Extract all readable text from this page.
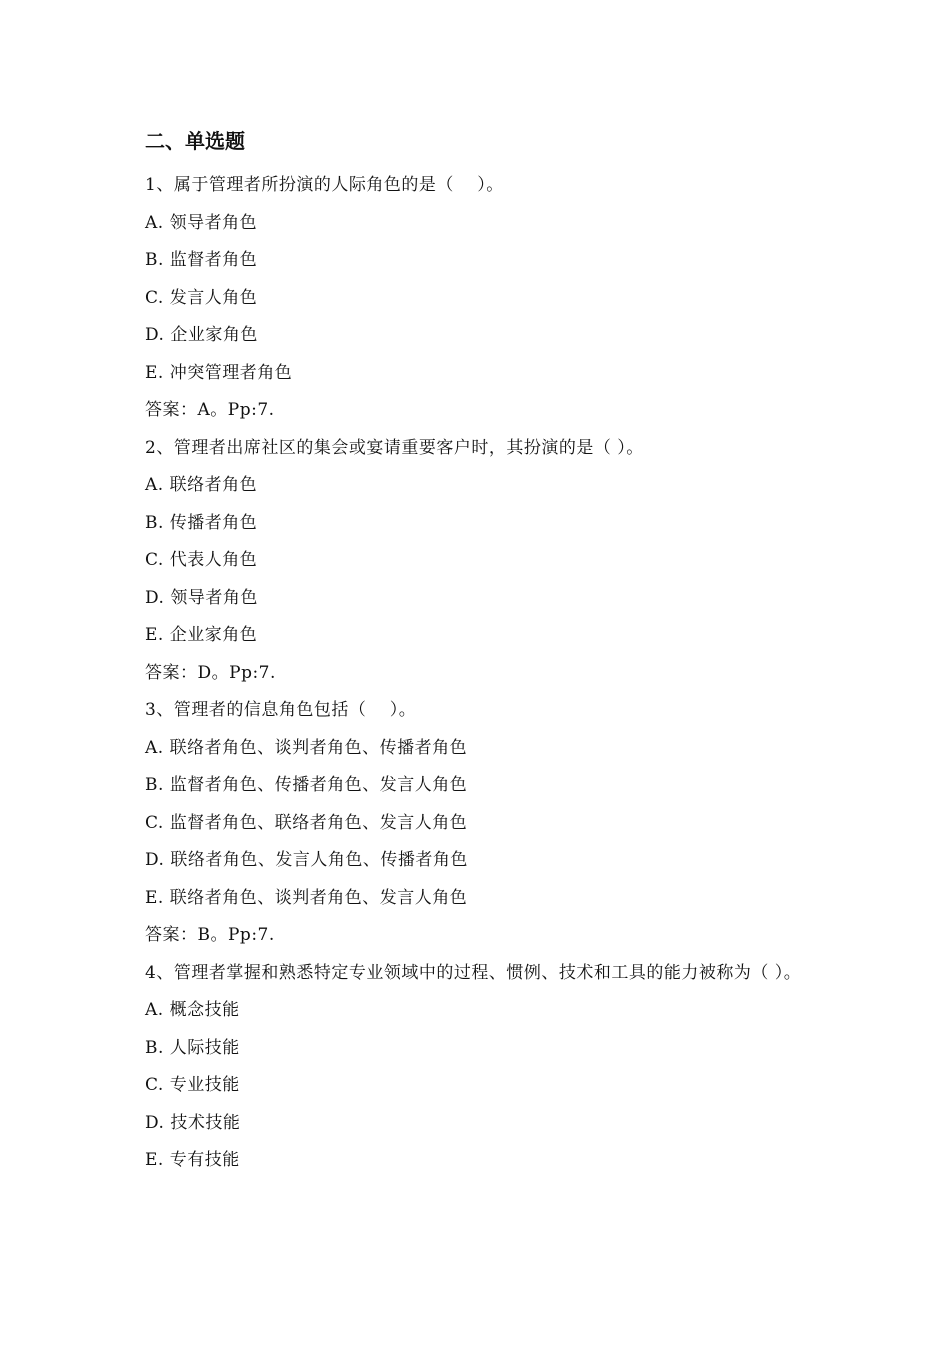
二、单选题
1、属于管理者所扮演的人际角色的是（　 ）。
A. 领导者角色
B. 监督者角色
C. 发言人角色
D. 企业家角色
E. 冲突管理者角色
答案：A。Pp:7.
2、管理者出席社区的集会或宴请重要客户时，其扮演的是（ ）。
A. 联络者角色
B. 传播者角色
C. 代表人角色
D. 领导者角色
E. 企业家角色
答案：D。Pp:7.
3、管理者的信息角色包括（　 ）。
A. 联络者角色、谈判者角色、传播者角色
B. 监督者角色、传播者角色、发言人角色
C. 监督者角色、联络者角色、发言人角色
D. 联络者角色、发言人角色、传播者角色
E. 联络者角色、谈判者角色、发言人角色
答案：B。Pp:7.
4、管理者掌握和熟悉特定专业领域中的过程、惯例、技术和工具的能力被称为（ ）。
A. 概念技能
B. 人际技能
C. 专业技能
D. 技术技能
E. 专有技能
